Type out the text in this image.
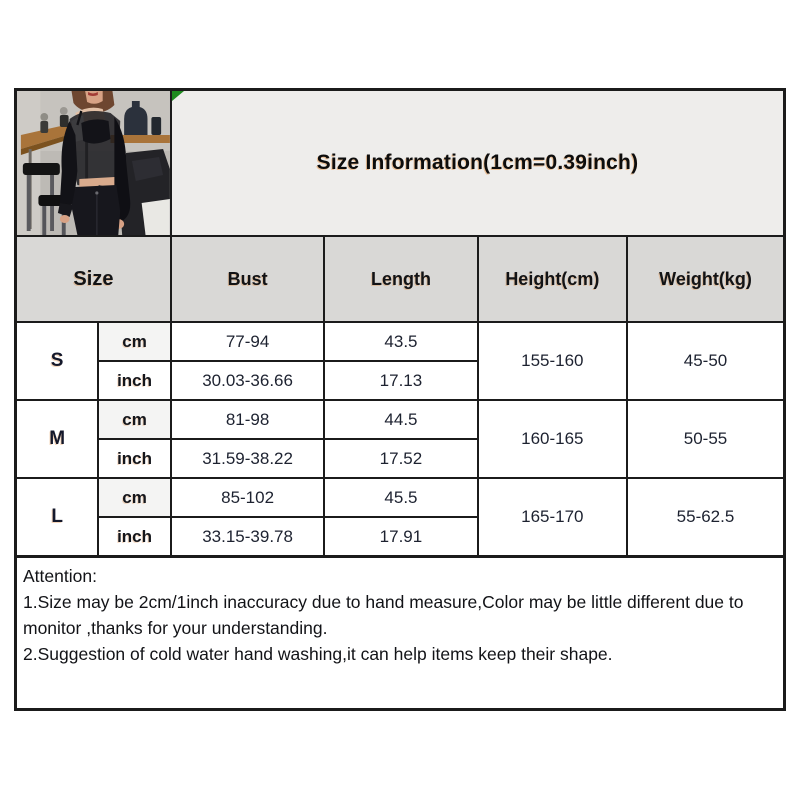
Size Information(1cm=0.39inch)			
Size		Bust	Length	Height(cm)	Weight(kg)
S	cm	77-94	43.5	155-160	45-50
	inch	30.03-36.66	17.13		
M	cm	81-98	44.5	160-165	50-55
	inch	31.59-38.22	17.52		
L	cm	85-102	45.5	165-170	55-62.5
	inch	33.15-39.78	17.91		

Attention:

1.Size may be 2cm/1inch inaccuracy due to hand measure,Color may be little different due to monitor ,thanks for your understanding.

2.Suggestion of cold water hand washing,it can help items keep their shape.
